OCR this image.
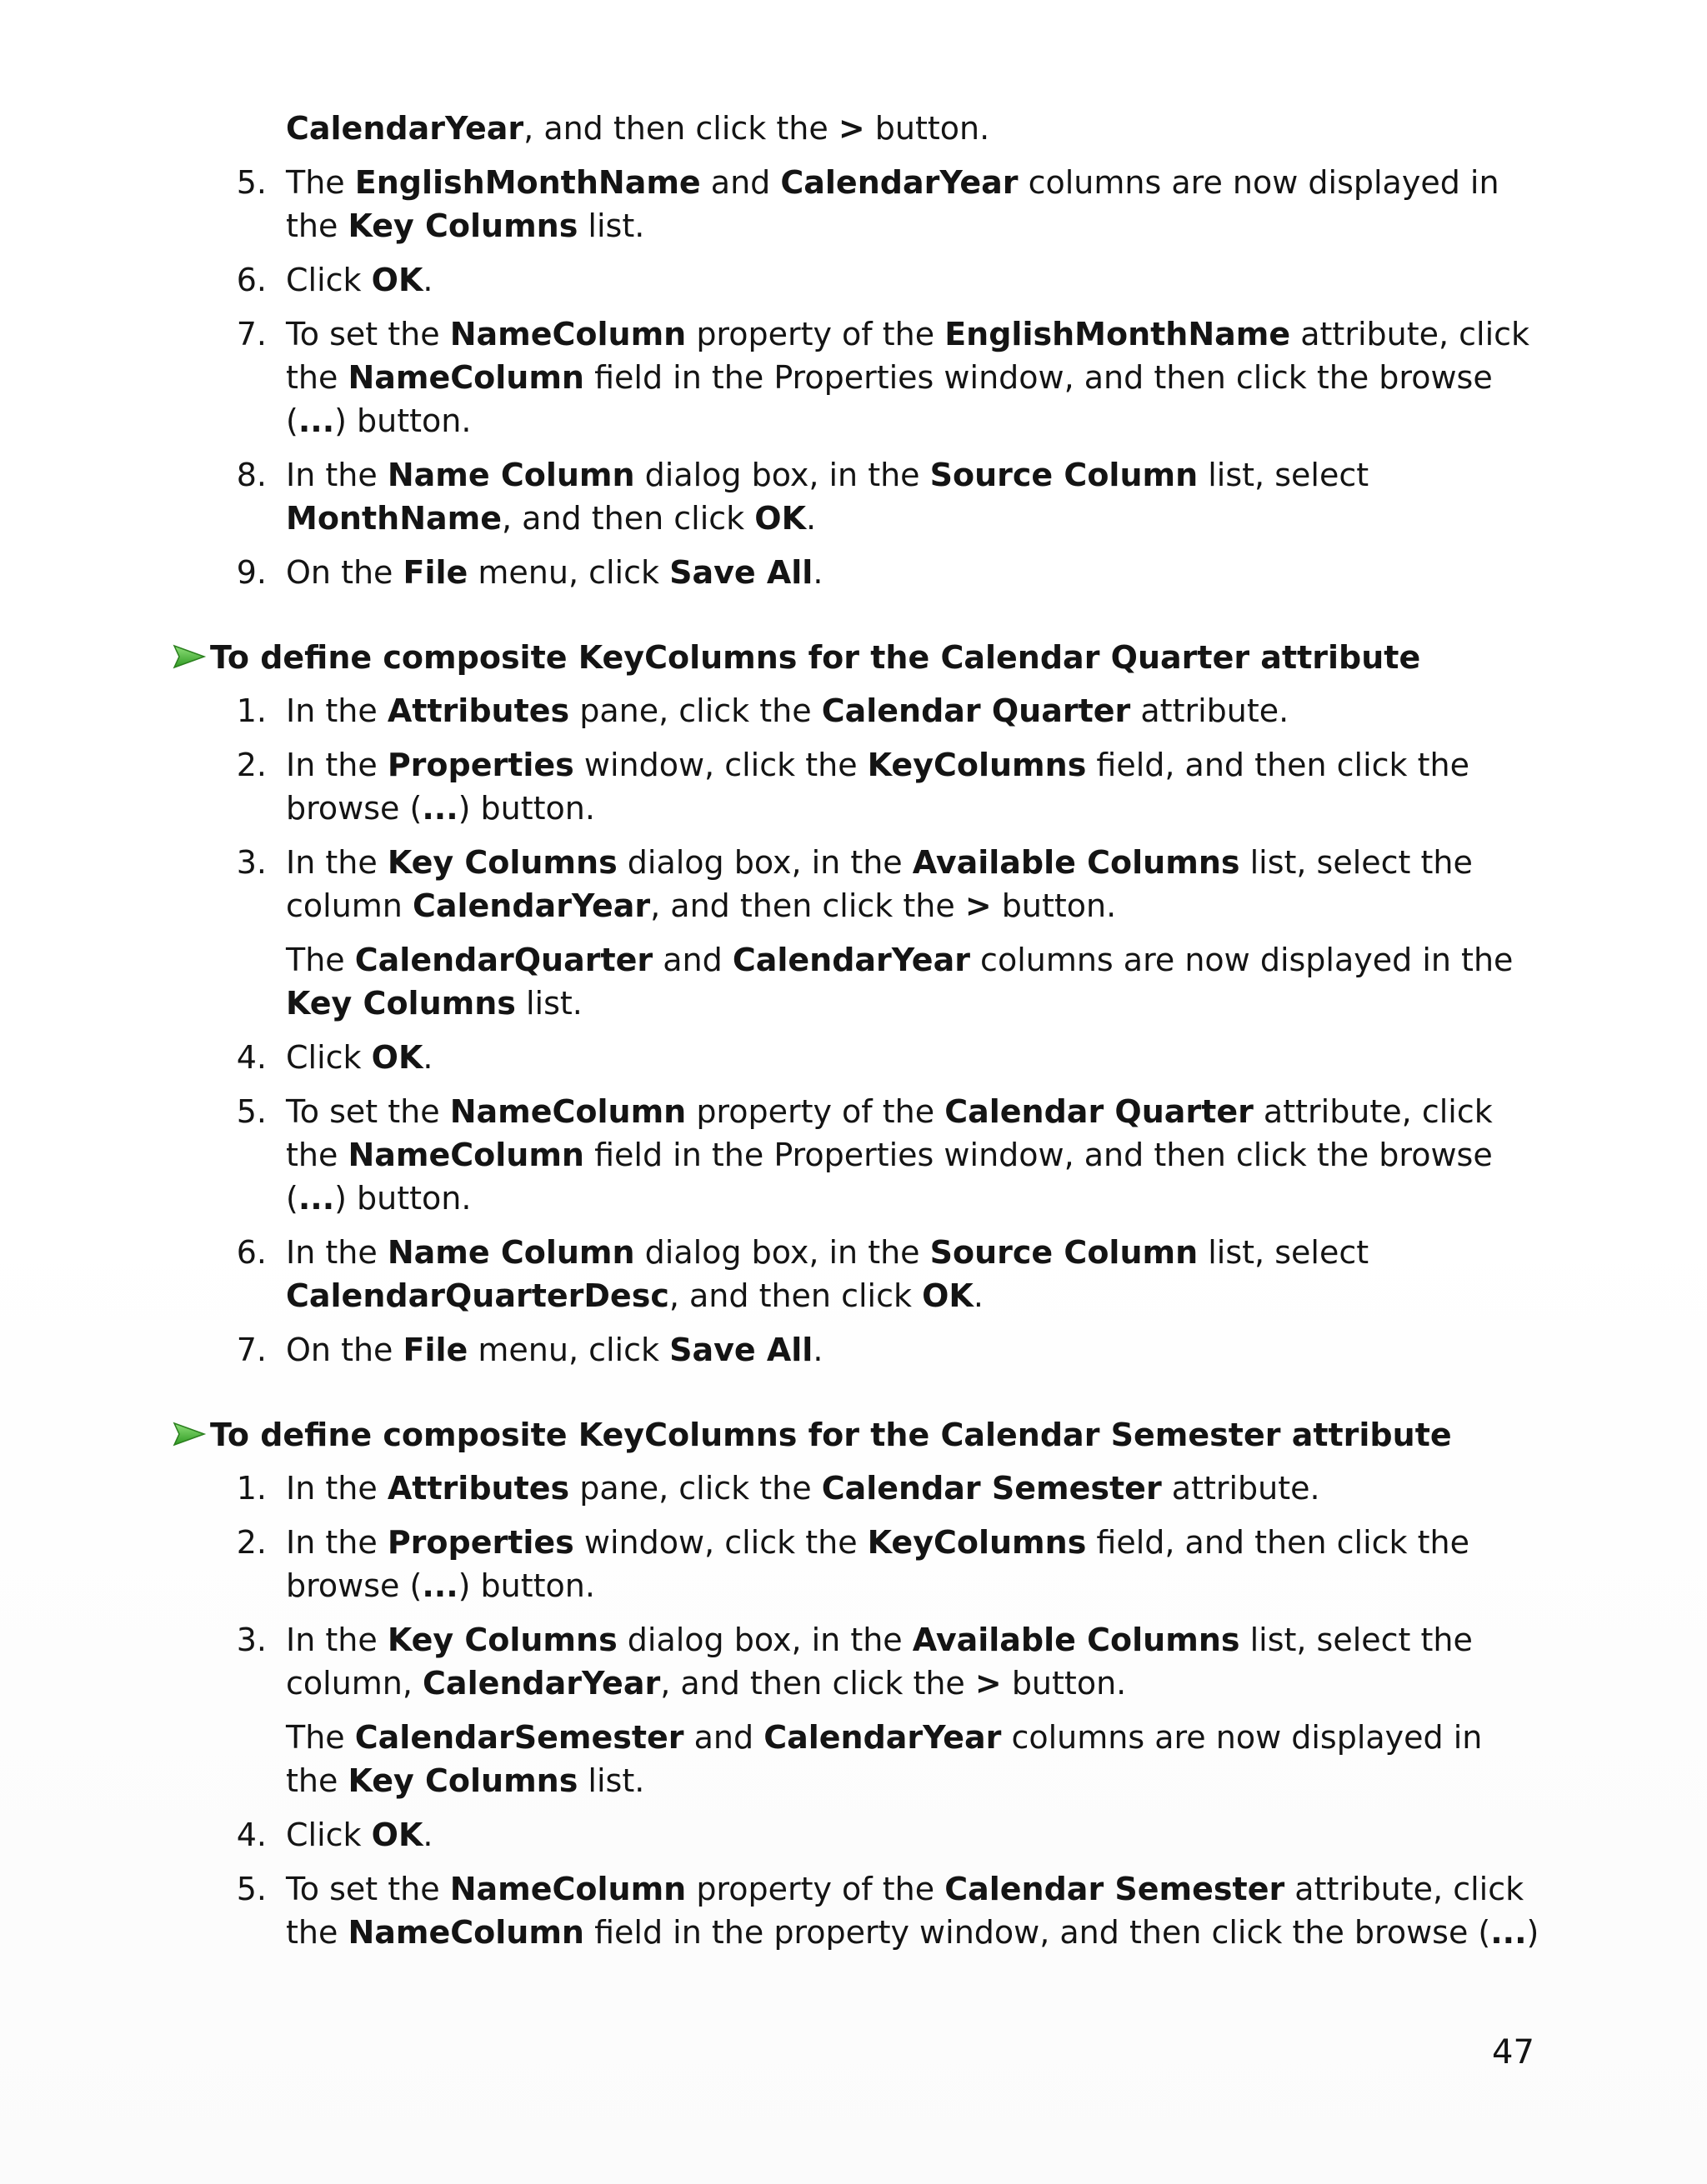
CalendarYear, and then click the > button.
5. The EnglishMonthName and CalendarYear columns are now displayed in the Key Columns list.
6. Click OK.
7. To set the NameColumn property of the EnglishMonthName attribute, click the NameColumn field in the Properties window, and then click the browse (...) button.
8. In the Name Column dialog box, in the Source Column list, select MonthName, and then click OK.
9. On the File menu, click Save All.
To define composite KeyColumns for the Calendar Quarter attribute
1. In the Attributes pane, click the Calendar Quarter attribute.
2. In the Properties window, click the KeyColumns field, and then click the browse (...) button.
3. In the Key Columns dialog box, in the Available Columns list, select the column CalendarYear, and then click the > button.
The CalendarQuarter and CalendarYear columns are now displayed in the Key Columns list.
4. Click OK.
5. To set the NameColumn property of the Calendar Quarter attribute, click the NameColumn field in the Properties window, and then click the browse (...) button.
6. In the Name Column dialog box, in the Source Column list, select CalendarQuarterDesc, and then click OK.
7. On the File menu, click Save All.
To define composite KeyColumns for the Calendar Semester attribute
1. In the Attributes pane, click the Calendar Semester attribute.
2. In the Properties window, click the KeyColumns field, and then click the browse (...) button.
3. In the Key Columns dialog box, in the Available Columns list, select the column, CalendarYear, and then click the > button.
The CalendarSemester and CalendarYear columns are now displayed in the Key Columns list.
4. Click OK.
5. To set the NameColumn property of the Calendar Semester attribute, click the NameColumn field in the property window, and then click the browse (...)
47
